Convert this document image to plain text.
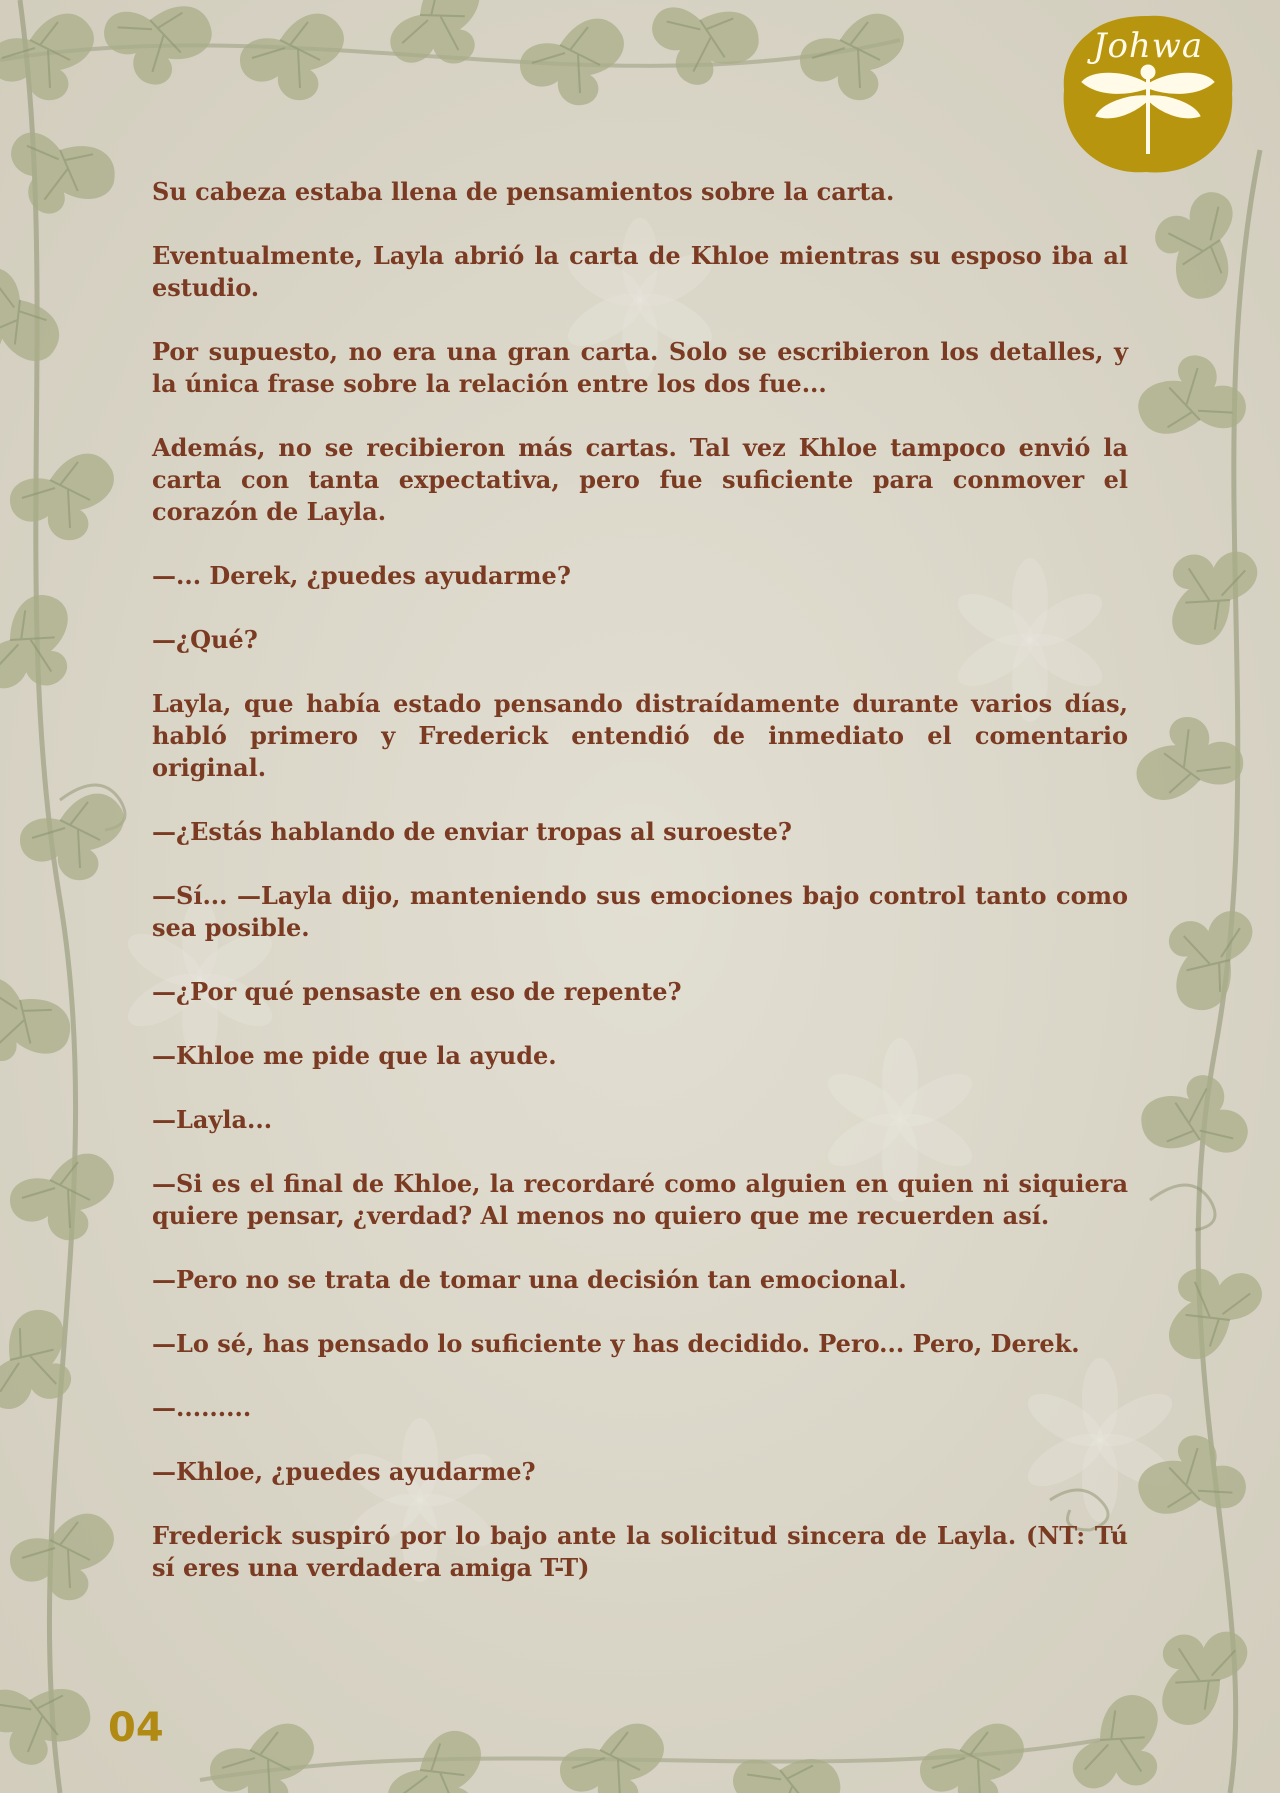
Johwa

Su cabeza estaba llena de pensamientos sobre la carta.

Eventualmente, Layla abrió la carta de Khloe mientras su esposo iba al estudio.

Por supuesto, no era una gran carta. Solo se escribieron los detalles, y la única frase sobre la relación entre los dos fue...

Además, no se recibieron más cartas. Tal vez Khloe tampoco envió la carta con tanta expectativa, pero fue suficiente para conmover el corazón de Layla.

—... Derek, ¿puedes ayudarme?

—¿Qué?

Layla, que había estado pensando distraídamente durante varios días, habló primero y Frederick entendió de inmediato el comentario original.

—¿Estás hablando de enviar tropas al suroeste?

—Sí... —Layla dijo, manteniendo sus emociones bajo control tanto como sea posible.

—¿Por qué pensaste en eso de repente?

—Khloe me pide que la ayude.

—Layla...

—Si es el final de Khloe, la recordaré como alguien en quien ni siquiera quiere pensar, ¿verdad? Al menos no quiero que me recuerden así.

—Pero no se trata de tomar una decisión tan emocional.

—Lo sé, has pensado lo suficiente y has decidido. Pero... Pero, Derek.

—.........

—Khloe, ¿puedes ayudarme?

Frederick suspiró por lo bajo ante la solicitud sincera de Layla. (NT: Tú sí eres una verdadera amiga T-T)

04
